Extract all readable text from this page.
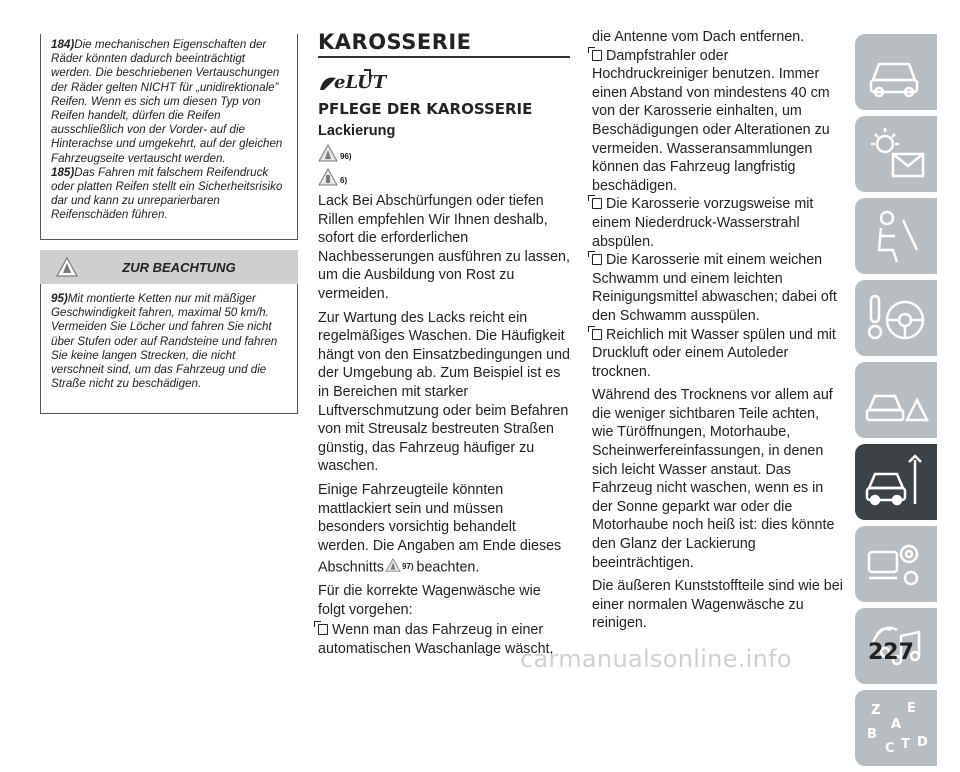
184)Die mechanischen Eigenschaften der Räder könnten dadurch beeinträchtigt werden. Die beschriebenen Vertauschungen der Räder gelten NICHT für „unidirektionale” Reifen. Wenn es sich um diesen Typ von Reifen handelt, dürfen die Reifen ausschließlich von der Vorder- auf die Hinterachse und umgekehrt, auf der gleichen Fahrzeugseite vertauscht werden.

185)Das Fahren mit falschem Reifendruck oder platten Reifen stellt ein Sicherheitsrisiko dar und kann zu unreparierbaren Reifenschäden führen.

ZUR BEACHTUNG

95)Mit montierte Ketten nur mit mäßiger Geschwindigkeit fahren, maximal 50 km/h. Vermeiden Sie Löcher und fahren Sie nicht über Stufen oder auf Randsteine und fahren Sie keine langen Strecken, die nicht verschneit sind, um das Fahrzeug und die Straße nicht zu beschädigen.

KAROSSERIE
eLUT
PFLEGE DER KAROSSERIE
Lackierung
96)
6)

Lack Bei Abschürfungen oder tiefen Rillen empfehlen Wir Ihnen deshalb, sofort die erforderlichen Nachbesserungen ausführen zu lassen, um die Ausbildung von Rost zu vermeiden.

Zur Wartung des Lacks reicht ein regelmäßiges Waschen. Die Häufigkeit hängt von den Einsatzbedingungen und der Umgebung ab. Zum Beispiel ist es in Bereichen mit starker Luftverschmutzung oder beim Befahren von mit Streusalz bestreuten Straßen günstig, das Fahrzeug häufiger zu waschen.

Einige Fahrzeugteile könnten mattlackiert sein und müssen besonders vorsichtig behandelt werden. Die Angaben am Ende dieses Abschnitts 97) beachten.

Für die korrekte Wagenwäsche wie folgt vorgehen:

Wenn man das Fahrzeug in einer automatischen Waschanlage wäscht,

die Antenne vom Dach entfernen.

Dampfstrahler oder Hochdruckreiniger benutzen. Immer einen Abstand von mindestens 40 cm von der Karosserie einhalten, um Beschädigungen oder Alterationen zu vermeiden. Wasseransammlungen können das Fahrzeug langfristig beschädigen.

Die Karosserie vorzugsweise mit einem Niederdruck-Wasserstrahl abspülen.

Die Karosserie mit einem weichen Schwamm und einem leichten Reinigungsmittel abwaschen; dabei oft den Schwamm ausspülen.

Reichlich mit Wasser spülen und mit Druckluft oder einem Autoleder trocknen.

Während des Trocknens vor allem auf die weniger sichtbaren Teile achten, wie Türöffnungen, Motorhaube, Scheinwerfereinfassungen, in denen sich leicht Wasser anstaut. Das Fahrzeug nicht waschen, wenn es in der Sonne geparkt war oder die Motorhaube noch heiß ist: dies könnte den Glanz der Lackierung beeinträchtigen.

Die äußeren Kunststoffteile sind wie bei einer normalen Wagenwäsche zu reinigen.

Z E
A
B
C T D
227
carmanualsonline.info
